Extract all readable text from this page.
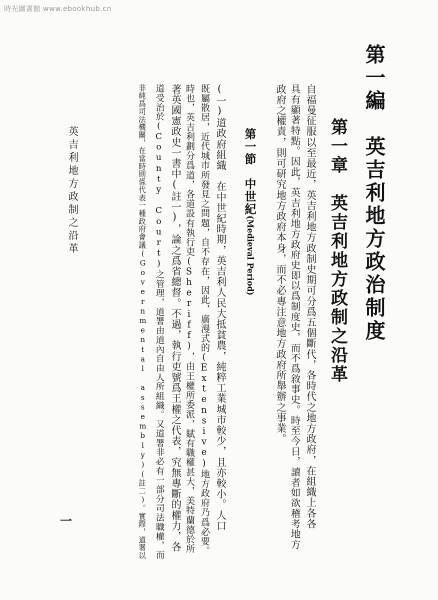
時光圖書館 www.ebookhub.cn
第一編　英吉利地方政治制度
第一章　英吉利地方政制之沿革
自福曼征服以至最近，英吉利地方政制史期可分爲五個斷代，各時代之地方政府，在組織上各各
具有顯著特點。因此，英吉利地方政府史即以爲制度史，而不爲敘事史。時至今日，讀者如欲稽考地方
政府之權責，則可研究地方政府本身，而不必專注意地方政府所舉辦之事業。
第一節　中世紀(Medieval Period)
(一)道政府組織　在中世紀時期，英吉利人民大抵貧農，純粹工業城市較少，且亦較小。人口
既屬散居，近代城市所發見之問題，自不存在，因此，廣漫式的(Extensive)地方政府乃爲必要。
時也，英吉利劃分爲道，各道設有執行吏(Sheriff)，由王權所委派，賦有職權甚大，美特蘭德於所
著英國憲政史一書中(註一)，論之爲省總督。不過，執行吏號爲王權之代表，究無專斷的權力，各
道受治於(County Court)之管理，道署由道內自由人所組織。又道署非必有一部分司法職權，而
非純爲司法機關，在當時則係代表一種政府會議(Governmental assembly)(註二)。實際，道署以
英吉利地方政制之沿革
一
